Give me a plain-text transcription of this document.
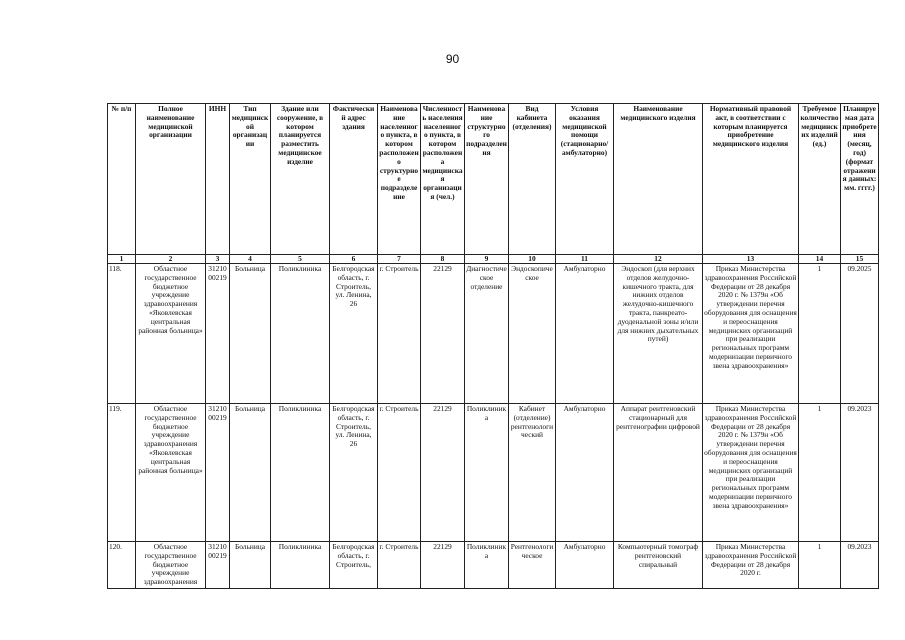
90
№ п/п	Полное наименование медицинской организации	ИНН	Тип медицинской организации	Здание или сооружение, в котором планируется разместить медицинское изделие	Фактический адрес здания	Наименование населенного пункта, в котором расположено структурное подразделение	Численность населения населенного пункта, в котором расположена медицинская организация (чел.)	Наименование структурного подразделения	Вид кабинета (отделения)	Условия оказания медицинской помощи (стационарно/амбулаторно)	Наименование медицинского изделия	Нормативный правовой акт, в соответствии с которым планируется приобретение медицинского изделия	Требуемое количество медицинских изделий (ед.)	Планируемая дата приобретения (месяц, год) (формат отражения данных: мм. гггг.)
1	2	3	4	5	6	7	8	9	10	11	12	13	14	15
118.	Областное государственное бюджетное учреждение здравоохранения «Яковлевская центральная районная больница»	3121000219	Больница	Поликлиника	Белгородская область, г. Строитель, ул. Ленина, 26	г. Строитель	22129	Диагностическое отделение	Эндоскопическое	Амбулаторно	Эндоскоп (для верхних отделов желудочно-кишечного тракта, для нижних отделов желудочно-кишечного тракта, панкреато-дуоденальной зоны и/или для нижних дыхательных путей)	Приказ Министерства здравоохранения Российской Федерации от 28 декабря 2020 г. № 1379н «Об утверждении перечня оборудования для оснащения и переоснащения медицинских организаций при реализации региональных программ модернизации первичного звена здравоохранения»	1	09.2025
119.	Областное государственное бюджетное учреждение здравоохранения «Яковлевская центральная районная больница»	3121000219	Больница	Поликлиника	Белгородская область, г. Строитель, ул. Ленина, 26	г. Строитель	22129	Поликлиника	Кабинет (отделение) рентгенологический	Амбулаторно	Аппарат рентгеновский стационарный для рентгенографии цифровой	Приказ Министерства здравоохранения Российской Федерации от 28 декабря 2020 г. № 1379н «Об утверждении перечня оборудования для оснащения и переоснащения медицинских организаций при реализации региональных программ модернизации первичного звена здравоохранения»	1	09.2023
120.	Областное государственное бюджетное учреждение здравоохранения	3121000219	Больница	Поликлиника	Белгородская область, г. Строитель,	г. Строитель	22129	Поликлиника	Рентгенологическое	Амбулаторно	Компьютерный томограф рентгеновский спиральный	Приказ Министерства здравоохранения Российской Федерации от 28 декабря 2020 г.	1	09.2023
